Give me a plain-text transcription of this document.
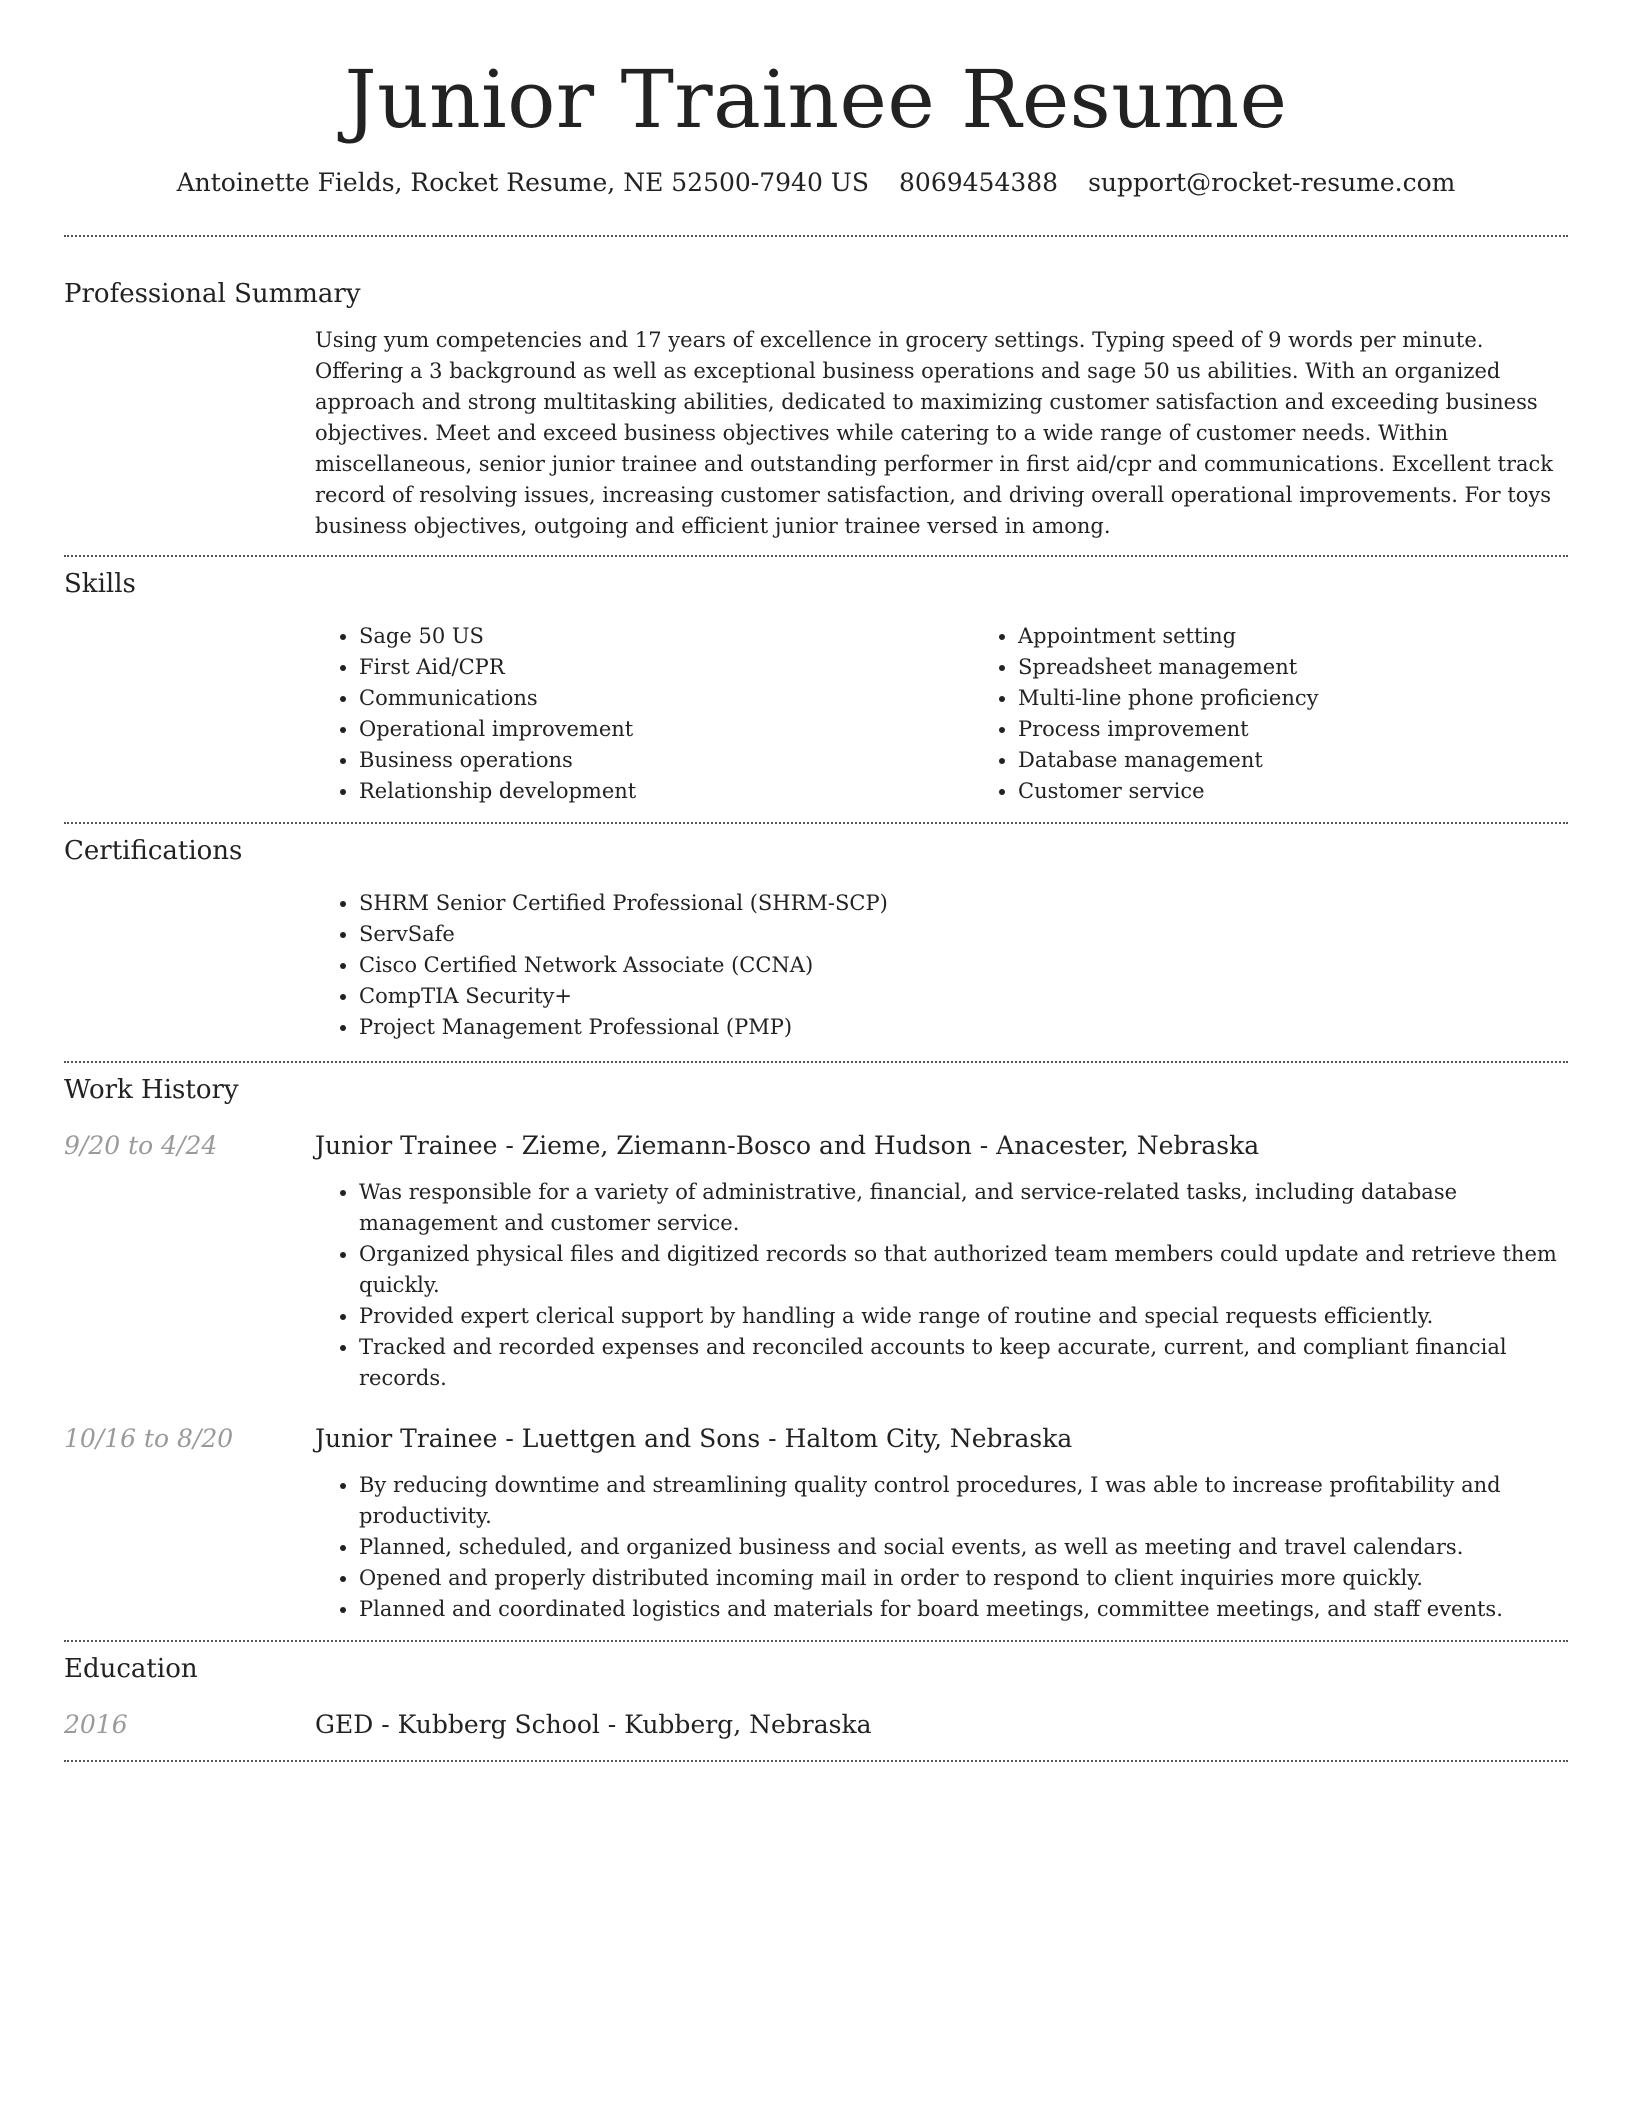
Junior Trainee Resume
Antoinette Fields, Rocket Resume, NE 52500-7940 US 8069454388 support@rocket-resume.com
Professional Summary

Using yum competencies and 17 years of excellence in grocery settings. Typing speed of 9 words per minute. Offering a 3 background as well as exceptional business operations and sage 50 us abilities. With an organized approach and strong multitasking abilities, dedicated to maximizing customer satisfaction and exceeding business objectives. Meet and exceed business objectives while catering to a wide range of customer needs. Within miscellaneous, senior junior trainee and outstanding performer in first aid/cpr and communications. Excellent track record of resolving issues, increasing customer satisfaction, and driving overall operational improvements. For toys business objectives, outgoing and efficient junior trainee versed in among.

Skills
• Sage 50 US
• First Aid/CPR
• Communications
• Operational improvement
• Business operations
• Relationship development
• Appointment setting
• Spreadsheet management
• Multi-line phone proficiency
• Process improvement
• Database management
• Customer service
Certifications
• SHRM Senior Certified Professional (SHRM-SCP)
• ServSafe
• Cisco Certified Network Associate (CCNA)
• CompTIA Security+
• Project Management Professional (PMP)
Work History
9/20 to 4/24	Junior Trainee - Zieme, Ziemann-Bosco and Hudson - Anacester, Nebraska
• Was responsible for a variety of administrative, financial, and service-related tasks, including database management and customer service.
• Organized physical files and digitized records so that authorized team members could update and retrieve them quickly.
• Provided expert clerical support by handling a wide range of routine and special requests efficiently.
• Tracked and recorded expenses and reconciled accounts to keep accurate, current, and compliant financial records.
10/16 to 8/20	Junior Trainee - Luettgen and Sons - Haltom City, Nebraska
• By reducing downtime and streamlining quality control procedures, I was able to increase profitability and productivity.
• Planned, scheduled, and organized business and social events, as well as meeting and travel calendars.
• Opened and properly distributed incoming mail in order to respond to client inquiries more quickly.
• Planned and coordinated logistics and materials for board meetings, committee meetings, and staff events.
Education
2016	GED - Kubberg School - Kubberg, Nebraska
